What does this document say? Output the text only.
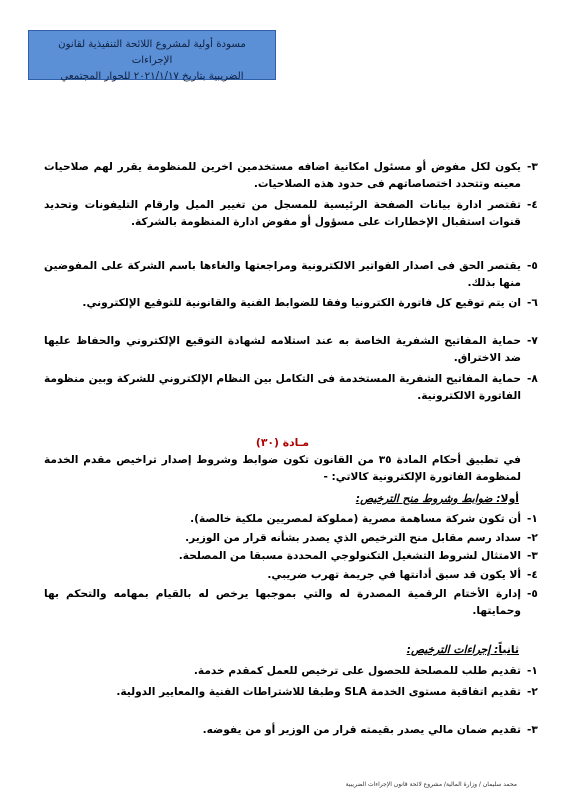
مسودة أولية لمشروع اللائحة التنفيذية لقانون الإجراءات
الضريبية بتاريخ ٢٠٢١/١/١٧ للحوار المجتمعي
٣-
يكون لكل مفوض أو مسئول امكانية اضافه مستخدمين اخرين للمنظومة يقرر لهم صلاحيات معينه وتتحدد اختصاصاتهم فى حدود هذه الصلاحيات.
٤-
تقتصر ادارة بيانات الصفحة الرئيسية للمسجل من تغيير الميل وارقام التليفونات وتحديد قنوات استقبال الإخطارات على مسؤول أو مفوض ادارة المنظومة بالشركة.
٥-
يقتصر الحق فى اصدار الفواتير الالكترونية ومراجعتها والغاءها باسم الشركة على المفوضين منها بذلك.
٦-
ان يتم توقيع كل فاتورة الكترونيا وفقا للضوابط الفنية والقانونية للتوقيع الإلكتروني.
٧-
حماية المفاتيح الشفرية الخاصة به عند استلامه لشهادة التوقيع الإلكتروني والحفاظ عليها ضد الاختراق.
٨-
حماية المفاتيح الشفرية المستخدمة فى التكامل بين النظام الإلكتروني للشركة وبين منظومة الفاتورة الالكترونية.
مـادة (٣٠)
في تطبيق أحكام المادة ٣٥ من القانون تكون ضوابط وشروط إصدار تراخيص مقدم الخدمة لمنظومة الفاتورة الإلكترونية كالاتي: -
أولا: ضوابط وشروط منح الترخيص:
١-
أن تكون شركة مساهمة مصرية (مملوكة لمصريين ملكية خالصة).
٢-
سداد رسم مقابل منح الترخيص الذي يصدر بشأنه قرار من الوزير.
٣-
الامتثال لشروط التشغيل التكنولوجي المحددة مسبقا من المصلحة.
٤-
ألا يكون قد سبق أدانتها في جريمة تهرب ضريبي.
٥-
إدارة الأختام الرقمية المصدرة له والتي بموجبها يرخص له بالقيام بمهامه والتحكم بها وحمايتها.
ثانياً: إجراءات الترخيص:
١-
تقديم طلب للمصلحة للحصول على ترخيص للعمل كمقدم خدمة.
٢-
تقديم اتفاقية مستوى الخدمة SLA وطبقا للاشتراطات الفنية والمعايير الدولية.
٣-
تقديم ضمان مالي يصدر بقيمته قرار من الوزير أو من يفوضه.
محمد سليمان / وزارة المالية/ مشروع لائحة قانون الإجراءات الضريبية
